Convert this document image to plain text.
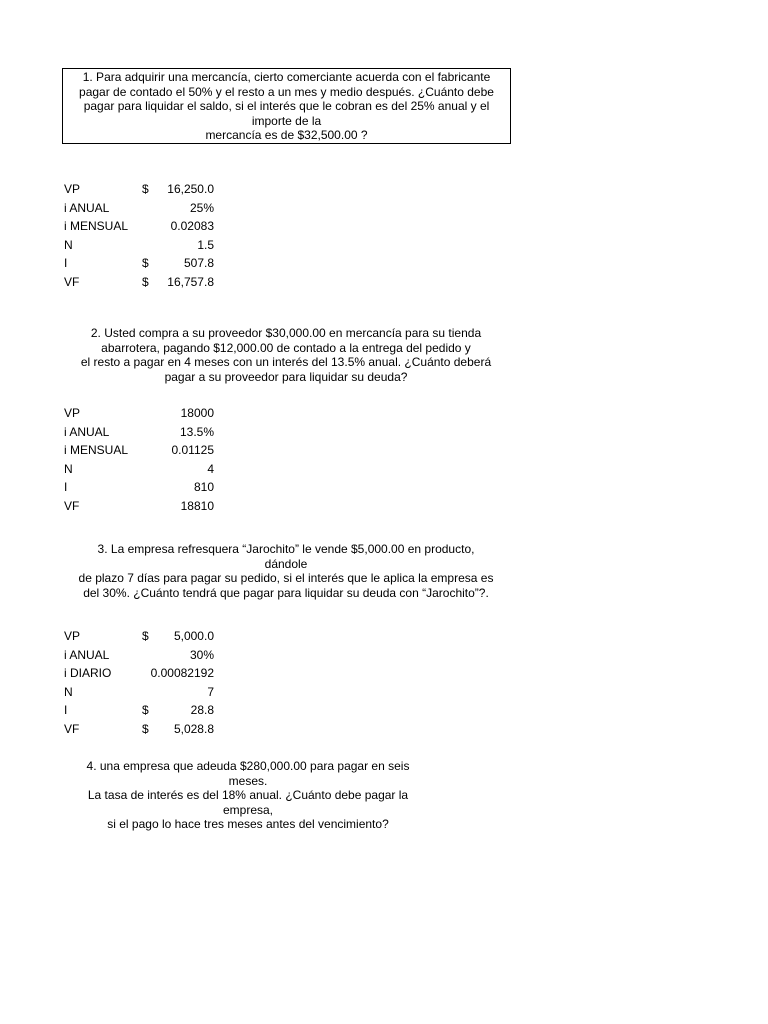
1. Para adquirir una mercancía, cierto comerciante acuerda con el fabricante
pagar de contado el 50% y el resto a un mes y medio después. ¿Cuánto debe
pagar para liquidar el saldo, si el interés que le cobran es del 25% anual y el
importe de la
mercancía es de $32,500.00 ?
VP	$ 16,250.0
i ANUAL	25%
i MENSUAL	0.02083
N	1.5
I	$	507.8
VF	$ 16,757.8
2. Usted compra a su proveedor $30,000.00 en mercancía para su tienda
abarrotera, pagando $12,000.00 de contado a la entrega del pedido y
el resto a pagar en 4 meses con un interés del 13.5% anual. ¿Cuánto deberá
pagar a su proveedor para liquidar su deuda?
VP	18000
i ANUAL	13.5%
i MENSUAL	0.01125
N	4
I	810
VF	18810
3. La empresa refresquera “Jarochito” le vende $5,000.00 en producto,
dándole
de plazo 7 días para pagar su pedido, si el interés que le aplica la empresa es
del 30%. ¿Cuánto tendrá que pagar para liquidar su deuda con “Jarochito”?.
VP	$ 5,000.0
i ANUAL	30%
i DIARIO	0.00082192
N	7
I	$	28.8
VF	$ 5,028.8
4. una empresa que adeuda $280,000.00 para pagar en seis
meses.
La tasa de interés es del 18% anual. ¿Cuánto debe pagar la
empresa,
si el pago lo hace tres meses antes del vencimiento?
